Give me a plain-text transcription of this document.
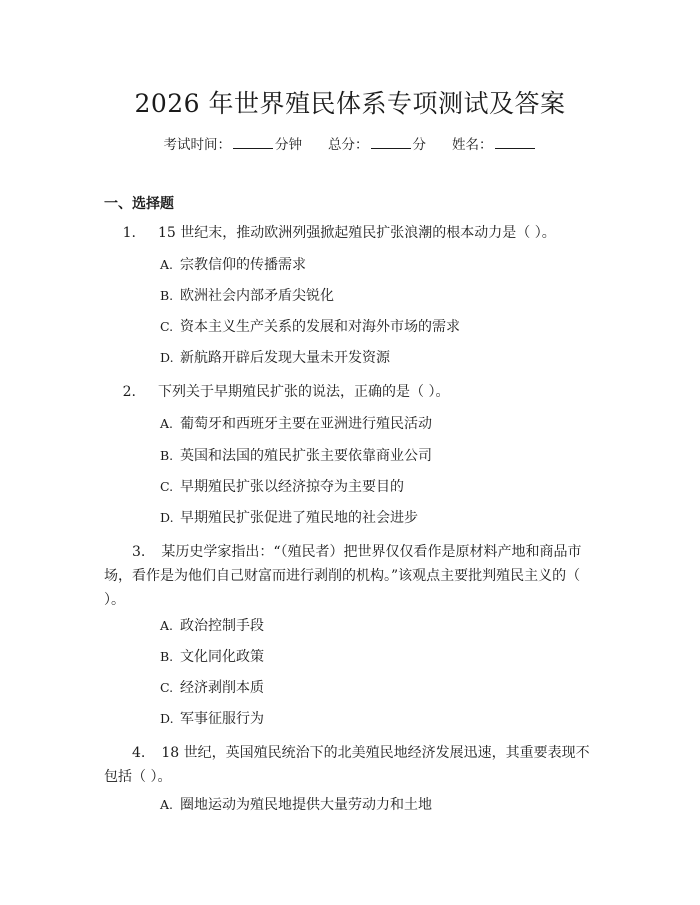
2026 年世界殖民体系专项测试及答案
考试时间：	分钟 总分：	分 姓名：
一、选择题
1. 15 世纪末，推动欧洲列强掀起殖民扩张浪潮的根本动力是（ ）。
A. 宗教信仰的传播需求
B. 欧洲社会内部矛盾尖锐化
C. 资本主义生产关系的发展和对海外市场的需求
D. 新航路开辟后发现大量未开发资源
2. 下列关于早期殖民扩张的说法，正确的是（ ）。
A. 葡萄牙和西班牙主要在亚洲进行殖民活动
B. 英国和法国的殖民扩张主要依靠商业公司
C. 早期殖民扩张以经济掠夺为主要目的
D. 早期殖民扩张促进了殖民地的社会进步
3. 某历史学家指出：“（殖民者）把世界仅仅看作是原材料产地和商品市场，看作是为他们自己财富而进行剥削的机构。”该观点主要批判殖民主义的（ ）。
A. 政治控制手段
B. 文化同化政策
C. 经济剥削本质
D. 军事征服行为
4. 18 世纪，英国殖民统治下的北美殖民地经济发展迅速，其重要表现不包括（ ）。
A. 圈地运动为殖民地提供大量劳动力和土地
